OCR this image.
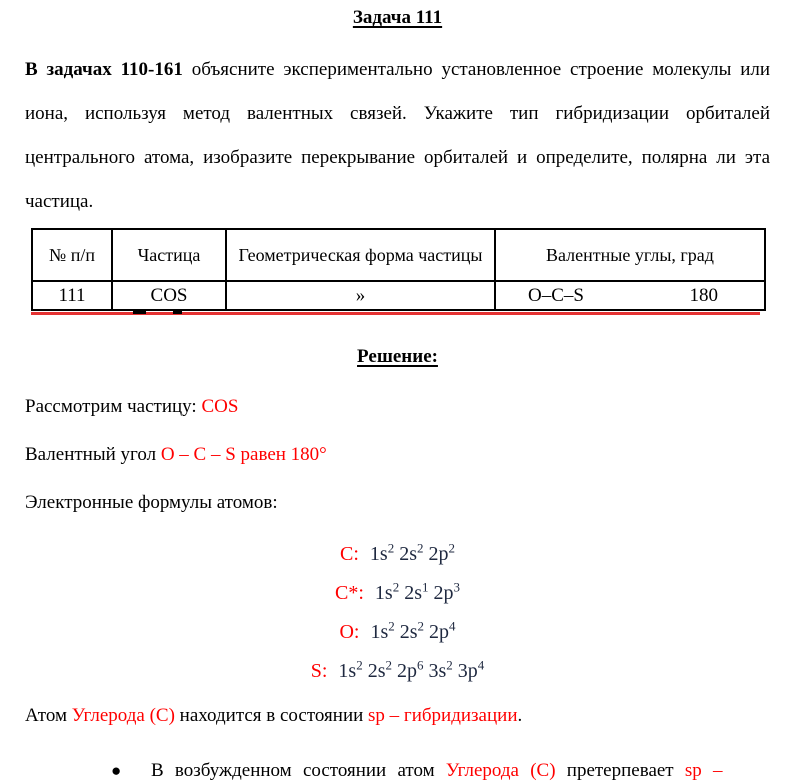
Задача 111

В задачах 110-161 объясните экспериментально установленное строение молекулы или иона, используя метод валентных связей. Укажите тип гибридизации орбиталей центрального атома, изобразите перекрывание орбиталей и определите, полярна ли эта частица.

№ п/п	Частица	Геометрическая форма частицы	Валентные углы, град
111	COS	»	O–C–S 180
Решение:

Рассмотрим частицу: COS

Валентный угол O – C – S равен 180°

Электронные формулы атомов:

C: $1s^2$ $2s^2$ $2p^2$
C*: $1s^2$ $2s^1$ $2p^3$
O: $1s^2$ $2s^2$ $2p^4$
S: $1s^2$ $2s^2$ $2p^6$ $3s^2$ $3p^4$

Атом Углерода (C) находится в состоянии sp – гибридизации.

● В возбужденном состоянии атом Углерода (С) претерпевает sp –
